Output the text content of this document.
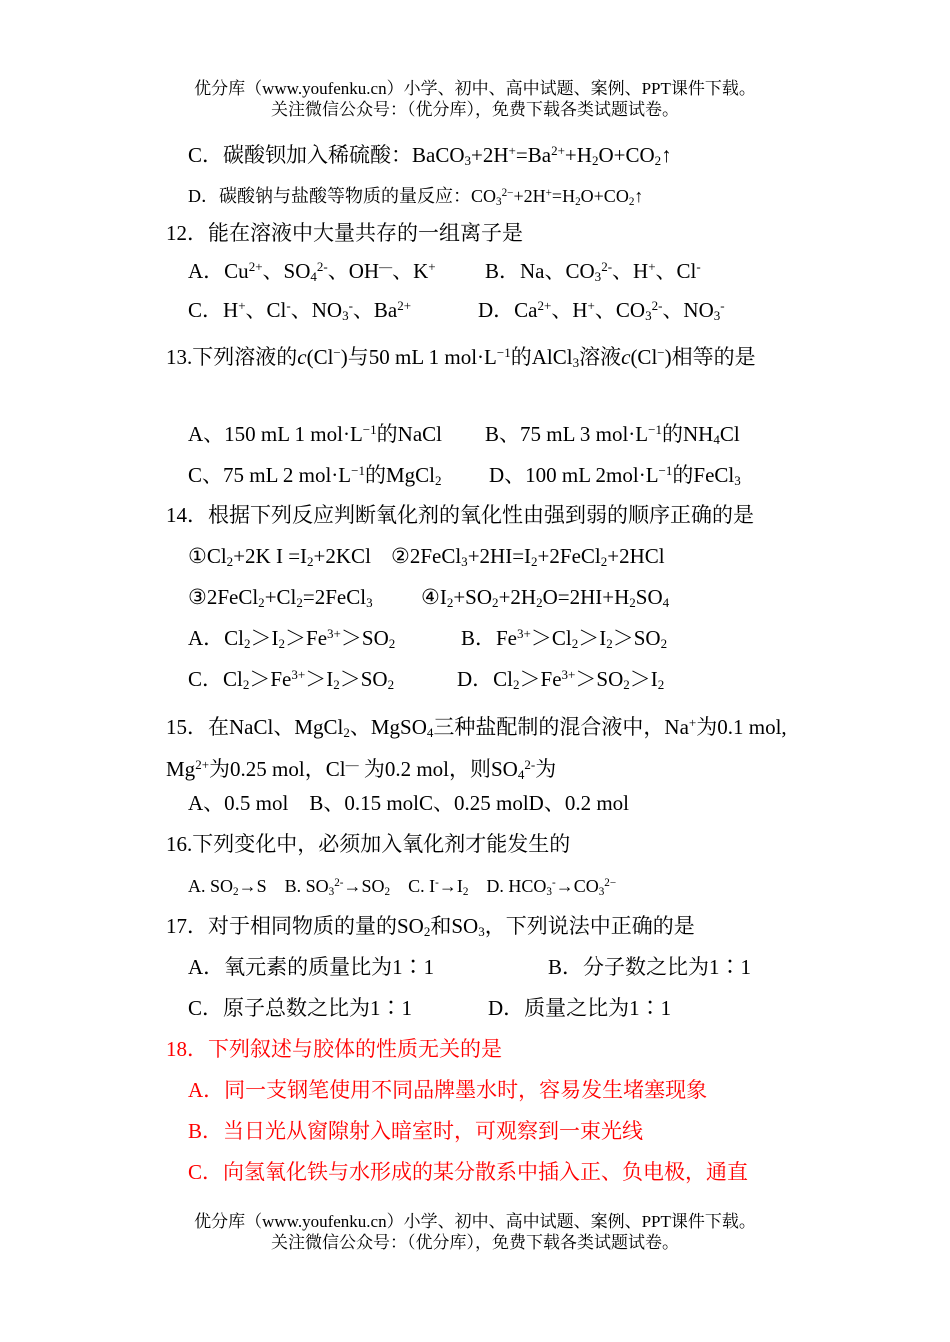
优分库（www.youfenku.cn）小学、初中、高中试题、案例、PPT课件下载。
关注微信公众号：（优分库），免费下载各类试题试卷。
C．碳酸钡加入稀硫酸：$BaCO_3+2H^+=Ba^{2+}+H_2O+CO_2↑$
D．碳酸钠与盐酸等物质的量反应：$CO_3^{2-}+2H^+=H_2O+CO_2↑$
12．能在溶液中大量共存的一组离子是
A．$Cu^{2+}$、$SO_4^{2-}$、OH—、K+ B．Na、$CO_3^{2-}$、H+、Cl-
C．H+、Cl-、$NO_3^-$、$Ba^{2+}$	D．$Ca^{2+}$、H+、$CO_3^{2-}$、$NO_3^-$
13.下列溶液的c(Cl−)与50 mL 1 $mol\cdot L^{-1}$的AlCl$_3$溶液c(Cl−)相等的是
A、150 mL 1 $mol\cdot L^{-1}$的NaCl B、75 mL 3 $mol\cdot L^{-1}$的$NH_4Cl$
C、75 mL 2 $mol\cdot L^{-1}$的MgCl$_2$ D、100 mL $2mol\cdot L^{-1}$的FeCl$_3$
14．根据下列反应判断氧化剂的氧化性由强到弱的顺序正确的是
$①Cl_2+2K$ $I =I_2+2KCl$ $②2FeCl_3+2HI=I_2+2FeCl_2+2HCl$
$③2FeCl_2+Cl_2=2FeCl_3$ $④I_2+SO_2+2H_2O=2HI+H_2SO_4$
A．$Cl_2>I_2>Fe^{3+}>SO_2$	B．$Fe^{3+}>Cl_2>I_2>SO_2$
C．$Cl_2>Fe^{3+}>I_2>SO_2$	D．$Cl_2>Fe^{3+}>SO_2>I_2$
15．在NaCl、MgCl$_2$、MgSO$_4$三种盐配制的混合液中，Na+为0.1 mol, $Mg^{2+}$为0.25 mol，Cl— 为0.2 mol，则$SO_4^{2-}$为
A、0.5 mol　B、0.15 molC、0.25 molD、0.2 mol
16.下列变化中，必须加入氧化剂才能发生的
A. $SO_2\to S$　B. $SO_3^{2-}\to SO_2$　C. $I^-\to I_2$　D. $HCO_3^-\to CO_3^{2-}$
17．对于相同物质的量的$SO_2$和$SO_3$，下列说法中正确的是
A．氧元素的质量比为1∶1	B．分子数之比为1∶1
C．原子总数之比为1∶1	D．质量之比为1∶1
18．下列叙述与胶体的性质无关的是
A．同一支钢笔使用不同品牌墨水时，容易发生堵塞现象
B．当日光从窗隙射入暗室时，可观察到一束光线
C．向氢氧化铁与水形成的某分散系中插入正、负电极，通直
优分库（www.youfenku.cn）小学、初中、高中试题、案例、PPT课件下载。
关注微信公众号：（优分库），免费下载各类试题试卷。
